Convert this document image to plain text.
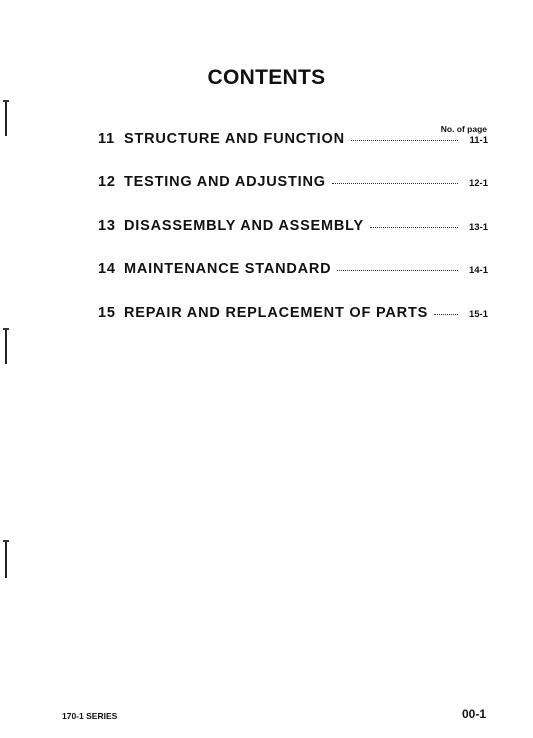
CONTENTS
No. of page
11 STRUCTURE AND FUNCTION	11-1
12 TESTING AND ADJUSTING	12-1
13 DISASSEMBLY AND ASSEMBLY	13-1
14 MAINTENANCE STANDARD	14-1
15 REPAIR AND REPLACEMENT OF PARTS	15-1
170-1 SERIES	00-1
